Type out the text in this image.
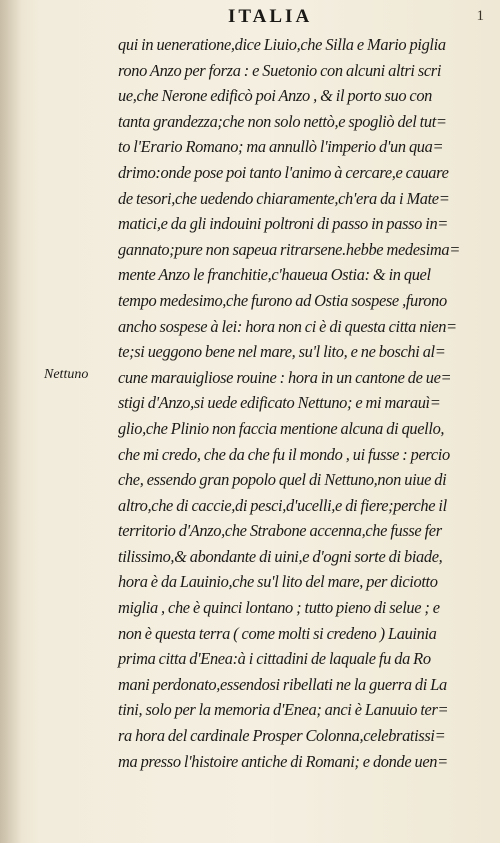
ITALIA	1
Nettuno
qui in ueneratione,dice Liuio,che Silla e Mario piglia
rono Anzo per forza : e Suetonio con alcuni altri scri
ue,che Nerone edificò poi Anzo , & il porto suo con
tanta grandezza;che non solo nettò,e spogliò del tut=
to l'Erario Romano; ma annullò l'imperio d'un qua=
drimo:onde pose poi tanto l'animo à cercare,e cauare
de tesori,che uedendo chiaramente,ch'era da i Mate=
matici,e da gli indouini poltroni di passo in passo in=
gannato;pure non sapeua ritrarsene.hebbe medesima=
mente Anzo le franchitie,c'haueua Ostia: & in quel
tempo medesimo,che furono ad Ostia sospese ,furono
ancho sospese à lei: hora non ci è di questa citta nien=
te;si ueggono bene nel mare, su'l lito, e ne boschi al=
cune marauigliose rouine : hora in un cantone de ue=
stigi d'Anzo,si uede edificato Nettuno; e mi marauì=
glio,che Plinio non faccia mentione alcuna di quello,
che mi credo, che da che fu il mondo , ui fusse : percio
che, essendo gran popolo quel di Nettuno,non uiue di
altro,che di caccie,di pesci,d'ucelli,e di fiere;perche il
territorio d'Anzo,che Strabone accenna,che fusse fer
tilissimo,& abondante di uini,e d'ogni sorte di biade,
hora è da Lauinio,che su'l lito del mare, per diciotto
miglia , che è quinci lontano ; tutto pieno di selue ; e
non è questa terra ( come molti si credeno ) Lauinia
prima citta d'Enea:à i cittadini de laquale fu da Ro
mani perdonato,essendosi ribellati ne la guerra di La
tini, solo per la memoria d'Enea; anci è Lanuuio ter=
ra hora del cardinale Prosper Colonna,celebratissi=
ma presso l'histoire antiche di Romani; e donde uen=
